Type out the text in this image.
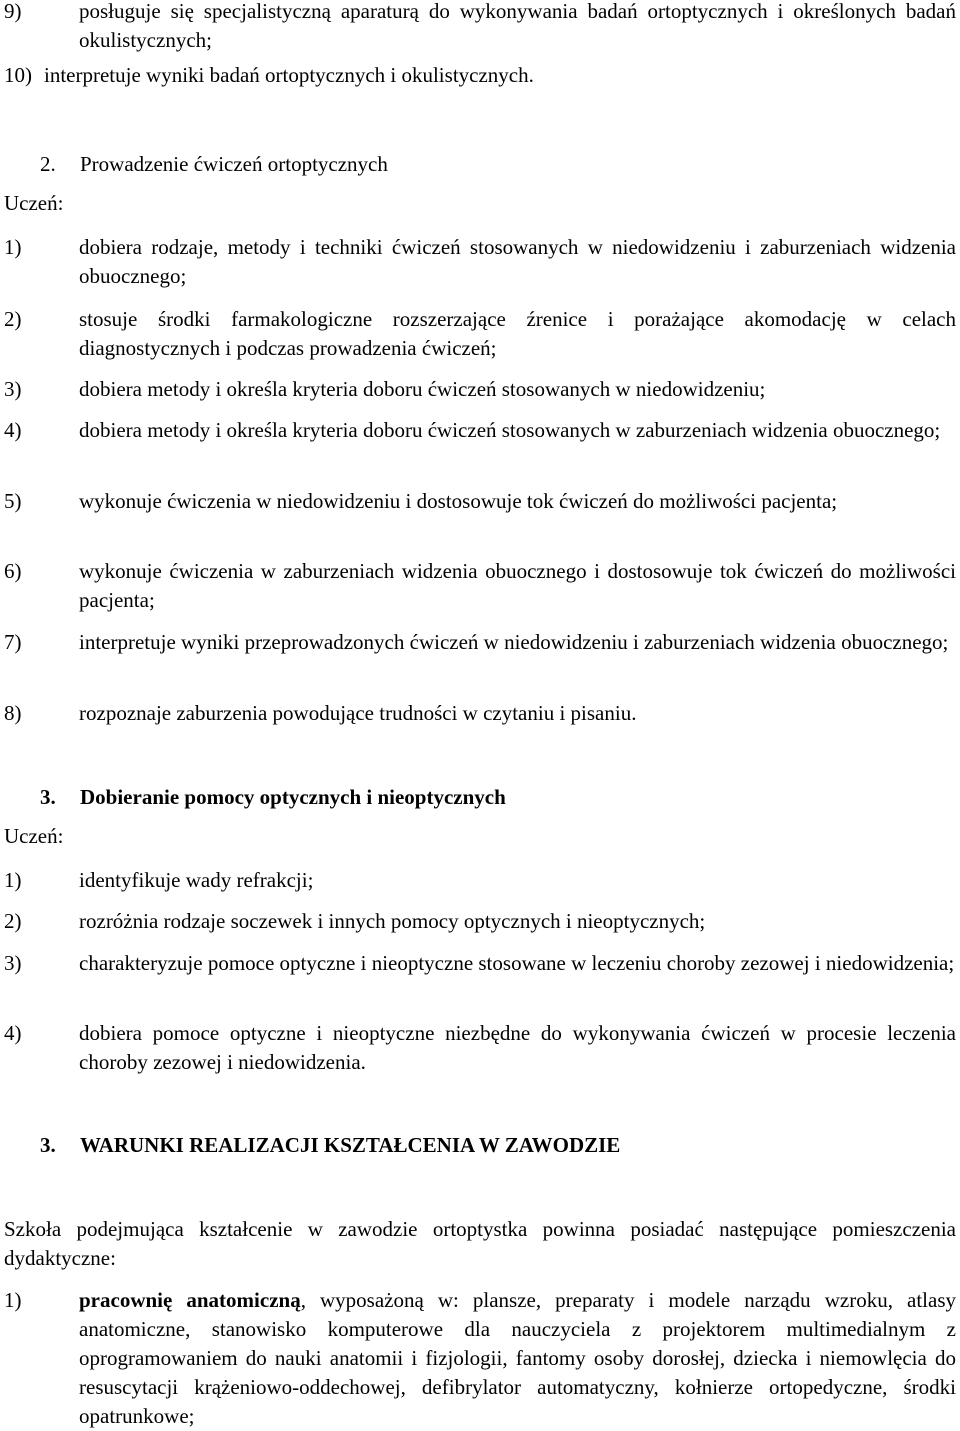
9)	posługuje się specjalistyczną aparaturą do wykonywania badań ortoptycznych i określonych badań okulistycznych;
10) interpretuje wyniki badań ortoptycznych i okulistycznych.
2. Prowadzenie ćwiczeń ortoptycznych
Uczeń:
1)	dobiera rodzaje, metody i techniki ćwiczeń stosowanych w niedowidzeniu i zaburzeniach widzenia obuocznego;
2)	stosuje środki farmakologiczne rozszerzające źrenice i porażające akomodację w celach diagnostycznych i podczas prowadzenia ćwiczeń;
3)	dobiera metody i określa kryteria doboru ćwiczeń stosowanych w niedowidzeniu;
4)	dobiera metody i określa kryteria doboru ćwiczeń stosowanych w zaburzeniach widzenia obuocznego;
5)	wykonuje ćwiczenia w niedowidzeniu i dostosowuje tok ćwiczeń do możliwości pacjenta;
6)	wykonuje ćwiczenia w zaburzeniach widzenia obuocznego i dostosowuje tok ćwiczeń do możliwości pacjenta;
7)	interpretuje wyniki przeprowadzonych ćwiczeń w niedowidzeniu i zaburzeniach widzenia obuocznego;
8)	rozpoznaje zaburzenia powodujące trudności w czytaniu i pisaniu.
3. Dobieranie pomocy optycznych i nieoptycznych
Uczeń:
1)	identyfikuje wady refrakcji;
2)	rozróżnia rodzaje soczewek i innych pomocy optycznych i nieoptycznych;
3)	charakteryzuje pomoce optyczne i nieoptyczne stosowane w leczeniu choroby zezowej i niedowidzenia;
4)	dobiera pomoce optyczne i nieoptyczne niezbędne do wykonywania ćwiczeń w procesie leczenia choroby zezowej i niedowidzenia.
3. WARUNKI REALIZACJI KSZTAŁCENIA W ZAWODZIE
Szkoła podejmująca kształcenie w zawodzie ortoptystka powinna posiadać następujące pomieszczenia dydaktyczne:
1)	pracownię anatomiczną, wyposażoną w: plansze, preparaty i modele narządu wzroku, atlasy anatomiczne, stanowisko komputerowe dla nauczyciela z projektorem multimedialnym z oprogramowaniem do nauki anatomii i fizjologii, fantomy osoby dorosłej, dziecka i niemowlęcia do resuscytacji krążeniowo-oddechowej, defibrylator automatyczny, kołnierze ortopedyczne, środki opatrunkowe;
